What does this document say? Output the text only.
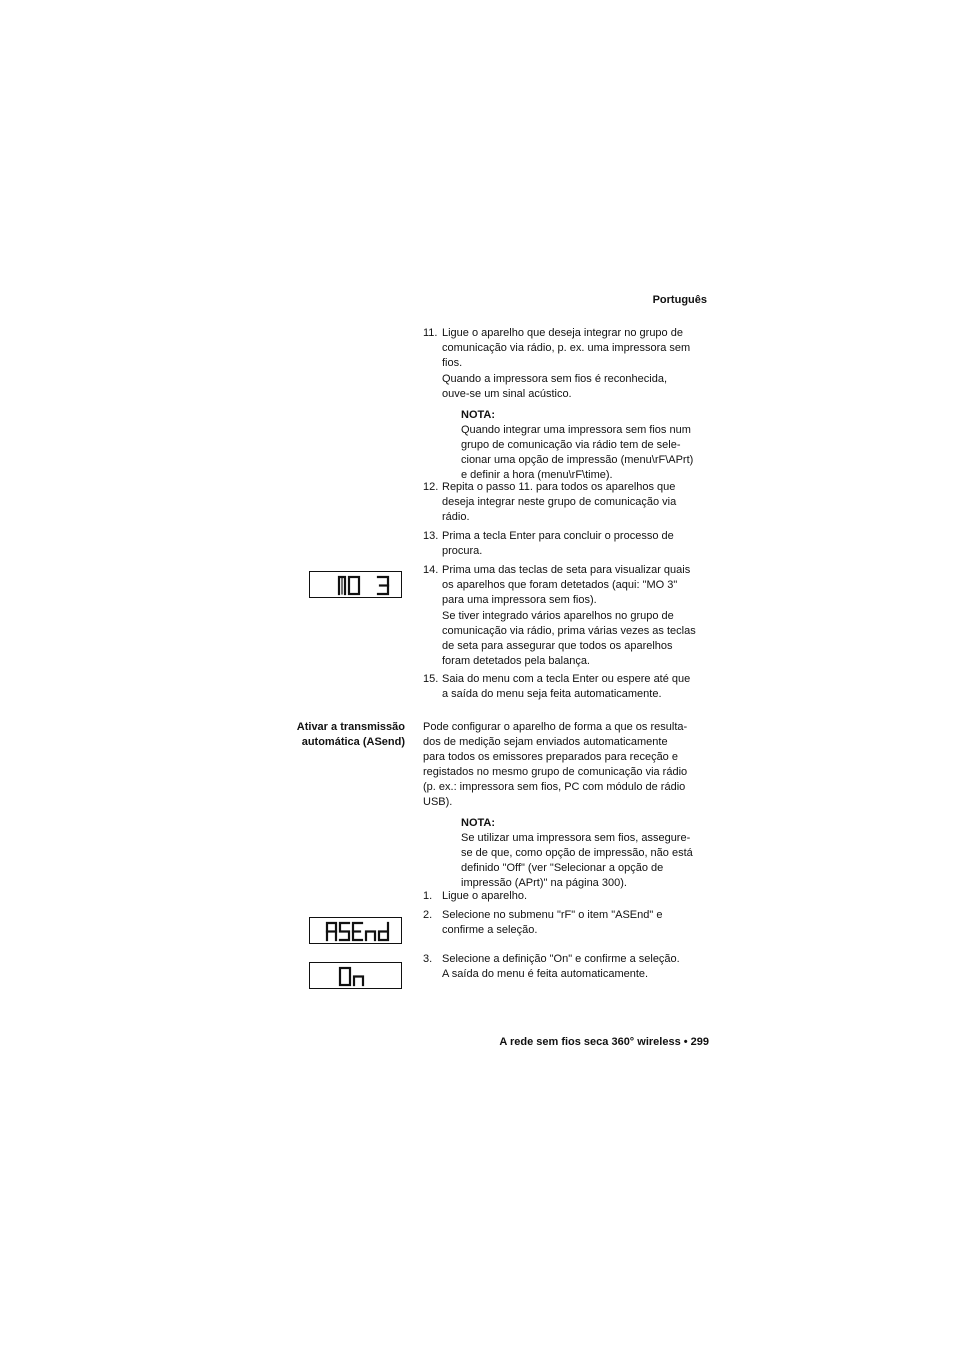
Português
11. Ligue o aparelho que deseja integrar no grupo de

comunicação via rádio, p. ex. uma impressora sem

fios.

Quando a impressora sem fios é reconhecida,

ouve-se um sinal acústico.

NOTA:

Quando integrar uma impressora sem fios num

grupo de comunicação via rádio tem de sele-

cionar uma opção de impressão (menu\rF\APrt)

e definir a hora (menu\rF\time).

12. Repita o passo 11. para todos os aparelhos que

deseja integrar neste grupo de comunicação via

rádio.

13. Prima a tecla Enter para concluir o processo de

procura.

14. Prima uma das teclas de seta para visualizar quais

os aparelhos que foram detetados (aqui: "MO 3"

para uma impressora sem fios).

Se tiver integrado vários aparelhos no grupo de

comunicação via rádio, prima várias vezes as teclas

de seta para assegurar que todos os aparelhos

foram detetados pela balança.

15. Saia do menu com a tecla Enter ou espere até que

a saída do menu seja feita automaticamente.

Ativar a transmissão
automática (ASend)

Pode configurar o aparelho de forma a que os resulta-

dos de medição sejam enviados automaticamente

para todos os emissores preparados para receção e

registados no mesmo grupo de comunicação via rádio

(p. ex.: impressora sem fios, PC com módulo de rádio

USB).

NOTA:

Se utilizar uma impressora sem fios, assegure-

se de que, como opção de impressão, não está

definido "Off" (ver "Selecionar a opção de

impressão (APrt)" na página 300).

1. Ligue o aparelho.

2. Selecione no submenu "rF" o item "ASEnd" e

confirme a seleção.

3. Selecione a definição "On" e confirme a seleção.

A saída do menu é feita automaticamente.

A rede sem fios seca 360° wireless • 299
